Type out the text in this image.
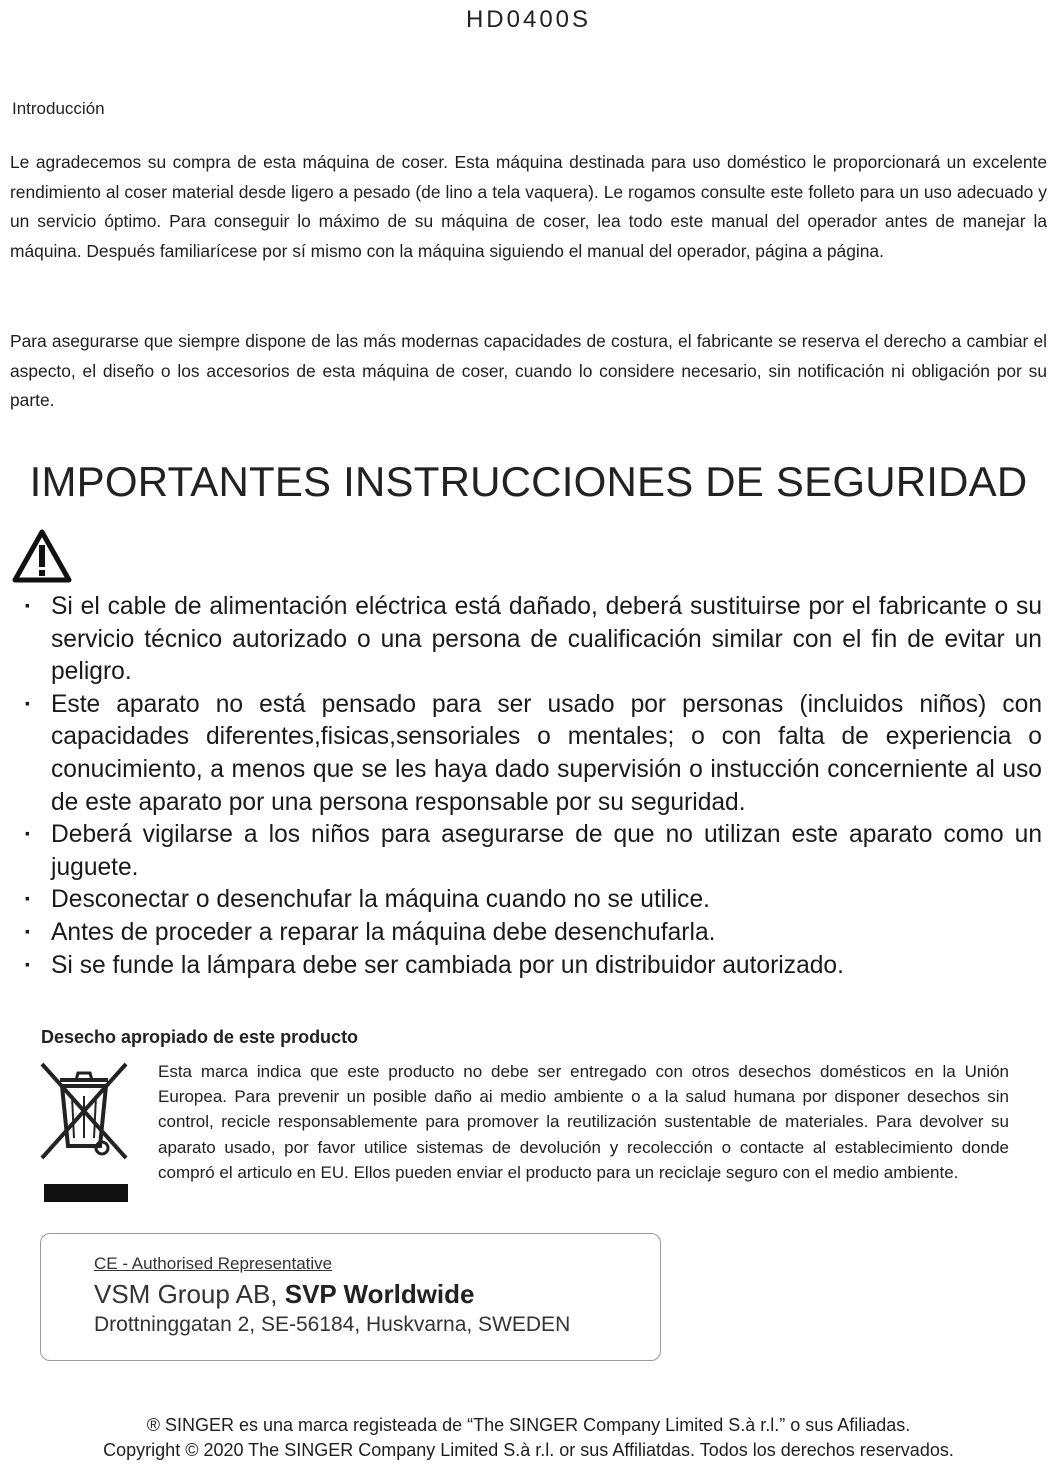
HD0400S
Introducción
Le agradecemos su compra de esta máquina de coser. Esta máquina destinada para uso doméstico le proporcionará un excelente rendimiento al coser material desde ligero a pesado (de lino a tela vaquera). Le rogamos consulte este folleto para un uso adecuado y un servicio óptimo. Para conseguir lo máximo de su máquina de coser, lea todo este manual del operador antes de manejar la máquina. Después familiarícese por sí mismo con la máquina siguiendo el manual del operador, página a página.
Para asegurarse que siempre dispone de las más modernas capacidades de costura, el fabricante se reserva el derecho a cambiar el aspecto, el diseño o los accesorios de esta máquina de coser, cuando lo considere necesario, sin notificación ni obligación por su parte.
IMPORTANTES INSTRUCCIONES DE SEGURIDAD
· Si el cable de alimentación eléctrica está dañado, deberá sustituirse por el fabricante o su servicio técnico autorizado o una persona de cualificación similar con el fin de evitar un peligro.
· Este aparato no está pensado para ser usado por personas (incluidos niños) con capacidades diferentes,fisicas,sensoriales o mentales; o con falta de experiencia o conucimiento, a menos que se les haya dado supervisión o instucción concerniente al uso de este aparato por una persona responsable por su seguridad.
· Deberá vigilarse a los niños para asegurarse de que no utilizan este aparato como un juguete.
· Desconectar o desenchufar la máquina cuando no se utilice.
· Antes de proceder a reparar la máquina debe desenchufarla.
· Si se funde la lámpara debe ser cambiada por un distribuidor autorizado.
Desecho apropiado de este producto
Esta marca indica que este producto no debe ser entregado con otros desechos domésticos en la Unión Europea. Para prevenir un posible daño ai medio ambiente o a la salud humana por disponer desechos sin control, recicle responsablemente para promover la reutilización sustentable de materiales. Para devolver su aparato usado, por favor utilice sistemas de devolución y recolección o contacte al establecimiento donde compró el articulo en EU. Ellos pueden enviar el producto para un reciclaje seguro con el medio ambiente.
CE - Authorised Representative
VSM Group AB, SVP Worldwide
Drottninggatan 2, SE-56184, Huskvarna, SWEDEN
® SINGER es una marca registeada de “The SINGER Company Limited S.à r.l.” o sus Afiliadas.
Copyright © 2020 The SINGER Company Limited S.à r.l. or sus Affiliatdas. Todos los derechos reservados.
